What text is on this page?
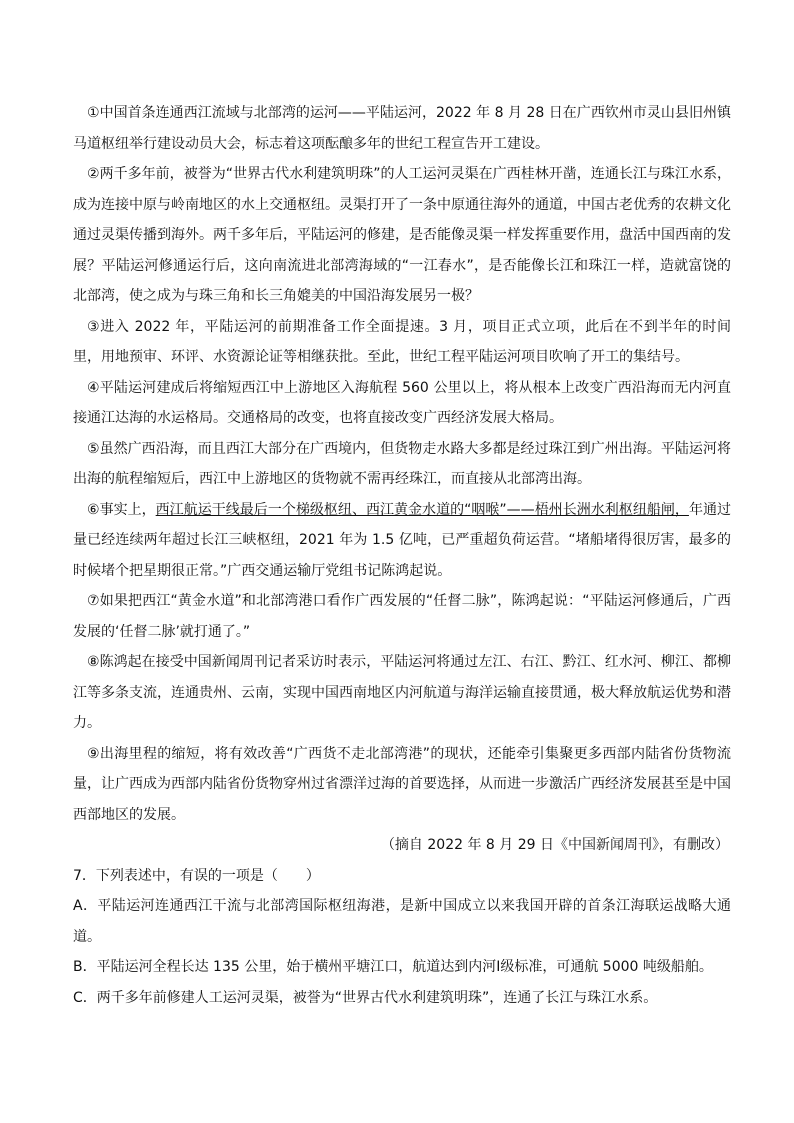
①中国首条连通西江流域与北部湾的运河——平陆运河，2022 年 8 月 28 日在广西钦州市灵山县旧州镇马道枢纽举行建设动员大会，标志着这项酝酿多年的世纪工程宣告开工建设。

②两千多年前，被誉为“世界古代水利建筑明珠”的人工运河灵渠在广西桂林开凿，连通长江与珠江水系，成为连接中原与岭南地区的水上交通枢纽。灵渠打开了一条中原通往海外的通道，中国古老优秀的农耕文化通过灵渠传播到海外。两千多年后，平陆运河的修建，是否能像灵渠一样发挥重要作用，盘活中国西南的发展？平陆运河修通运行后，这向南流进北部湾海域的“一江春水”，是否能像长江和珠江一样，造就富饶的北部湾，使之成为与珠三角和长三角媲美的中国沿海发展另一极？

③进入 2022 年，平陆运河的前期准备工作全面提速。3 月，项目正式立项，此后在不到半年的时间里，用地预审、环评、水资源论证等相继获批。至此，世纪工程平陆运河项目吹响了开工的集结号。

④平陆运河建成后将缩短西江中上游地区入海航程 560 公里以上，将从根本上改变广西沿海而无内河直接通江达海的水运格局。交通格局的改变，也将直接改变广西经济发展大格局。

⑤虽然广西沿海，而且西江大部分在广西境内，但货物走水路大多都是经过珠江到广州出海。平陆运河将出海的航程缩短后，西江中上游地区的货物就不需再经珠江，而直接从北部湾出海。

⑥事实上，西江航运干线最后一个梯级枢纽、西江黄金水道的“咽喉”——梧州长洲水利枢纽船闸，年通过量已经连续两年超过长江三峡枢纽，2021 年为 1.5 亿吨，已严重超负荷运营。“堵船堵得很厉害，最多的时候堵个把星期很正常。”广西交通运输厅党组书记陈鸿起说。

⑦如果把西江“黄金水道”和北部湾港口看作广西发展的“任督二脉”，陈鸿起说：“平陆运河修通后，广西发展的‘任督二脉’就打通了。”

⑧陈鸿起在接受中国新闻周刊记者采访时表示，平陆运河将通过左江、右江、黔江、红水河、柳江、都柳江等多条支流，连通贵州、云南，实现中国西南地区内河航道与海洋运输直接贯通，极大释放航运优势和潜力。

⑨出海里程的缩短，将有效改善“广西货不走北部湾港”的现状，还能牵引集聚更多西部内陆省份货物流量，让广西成为西部内陆省份货物穿州过省漂洋过海的首要选择，从而进一步激活广西经济发展甚至是中国西部地区的发展。

（摘自 2022 年 8 月 29 日《中国新闻周刊》，有删改）

7．下列表述中，有误的一项是（　　）

A．平陆运河连通西江干流与北部湾国际枢纽海港，是新中国成立以来我国开辟的首条江海联运战略大通道。

B．平陆运河全程长达 135 公里，始于横州平塘江口，航道达到内河Ⅰ级标准，可通航 5000 吨级船舶。

C．两千多年前修建人工运河灵渠，被誉为“世界古代水利建筑明珠”，连通了长江与珠江水系。
